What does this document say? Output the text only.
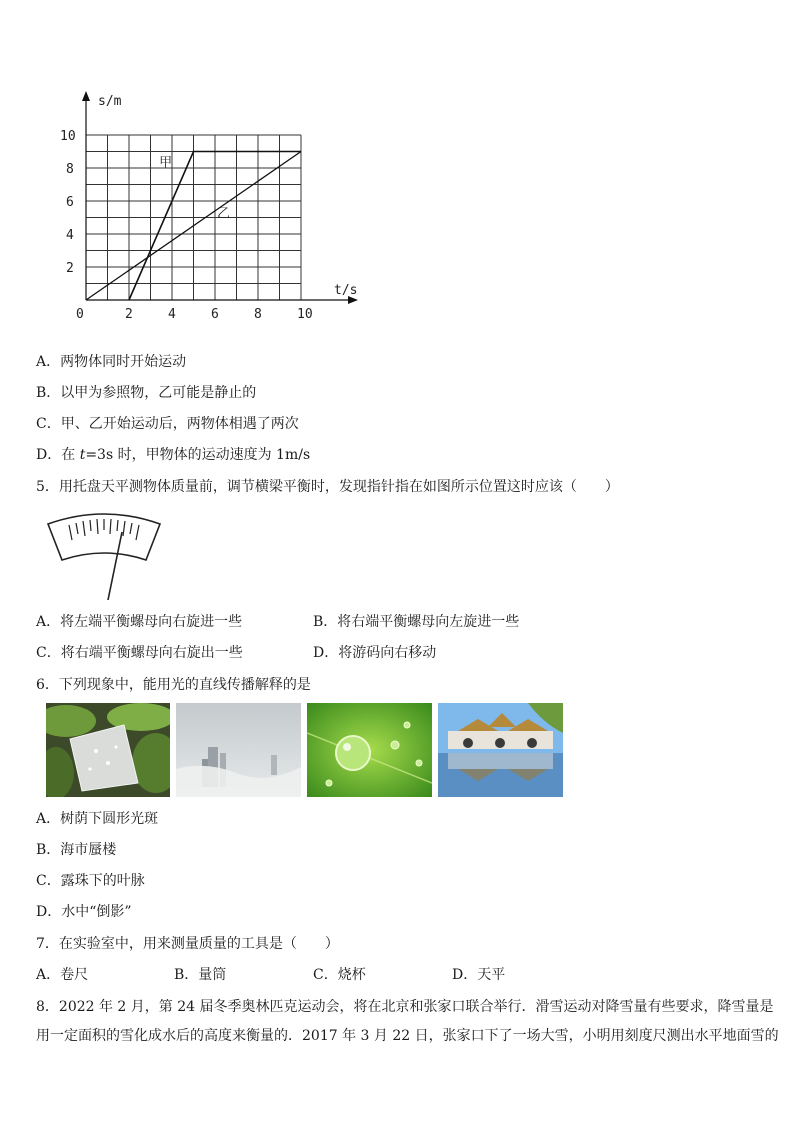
甲
乙
0	2	4	6	8	10
2
4
6
8
10
t/s
s/m
A．两物体同时开始运动
B．以甲为参照物，乙可能是静止的
C．甲、乙开始运动后，两物体相遇了两次
D．在 t=3s 时，甲物体的运动速度为 1m/s
5．用托盘天平测物体质量前，调节横梁平衡时，发现指针指在如图所示位置这时应该（　　）
A．将左端平衡螺母向右旋进一些	B．将右端平衡螺母向左旋进一些
C．将右端平衡螺母向右旋出一些	D．将游码向右移动
6．下列现象中，能用光的直线传播解释的是
A．树荫下圆形光斑
B．海市蜃楼
C．露珠下的叶脉
D．水中“倒影”
7．在实验室中，用来测量质量的工具是（　　）
A．卷尺	B．量筒	C．烧杯	D．天平
8．2022 年 2 月，第 24 届冬季奥林匹克运动会，将在北京和张家口联合举行．滑雪运动对降雪量有些要求，降雪量是
用一定面积的雪化成水后的高度来衡量的．2017 年 3 月 22 日，张家口下了一场大雪，小明用刻度尺测出水平地面雪的
